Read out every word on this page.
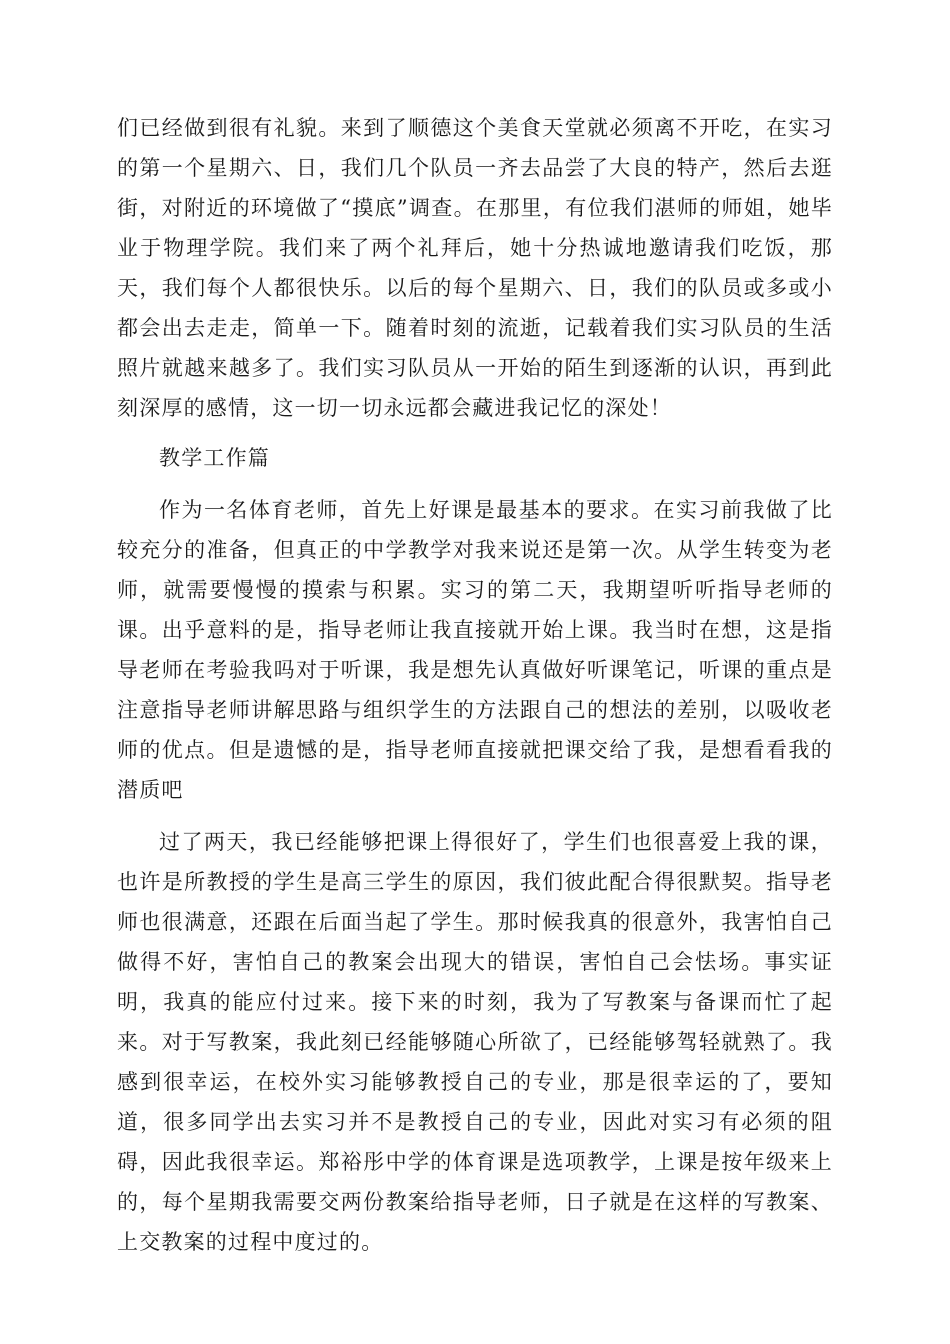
们已经做到很有礼貌。来到了顺德这个美食天堂就必须离不开吃，在实习的第一个星期六、日，我们几个队员一齐去品尝了大良的特产，然后去逛街，对附近的环境做了“摸底”调查。在那里，有位我们湛师的师姐，她毕业于物理学院。我们来了两个礼拜后，她十分热诚地邀请我们吃饭，那天，我们每个人都很快乐。以后的每个星期六、日，我们的队员或多或小都会出去走走，简单一下。随着时刻的流逝，记载着我们实习队员的生活照片就越来越多了。我们实习队员从一开始的陌生到逐渐的认识，再到此刻深厚的感情，这一切一切永远都会藏进我记忆的深处！

教学工作篇

作为一名体育老师，首先上好课是最基本的要求。在实习前我做了比较充分的准备，但真正的中学教学对我来说还是第一次。从学生转变为老师，就需要慢慢的摸索与积累。实习的第二天，我期望听听指导老师的课。出乎意料的是，指导老师让我直接就开始上课。我当时在想，这是指导老师在考验我吗对于听课，我是想先认真做好听课笔记，听课的重点是注意指导老师讲解思路与组织学生的方法跟自己的想法的差别，以吸收老师的优点。但是遗憾的是，指导老师直接就把课交给了我，是想看看我的潜质吧

过了两天，我已经能够把课上得很好了，学生们也很喜爱上我的课，也许是所教授的学生是高三学生的原因，我们彼此配合得很默契。指导老师也很满意，还跟在后面当起了学生。那时候我真的很意外，我害怕自己做得不好，害怕自己的教案会出现大的错误，害怕自己会怯场。事实证明，我真的能应付过来。接下来的时刻，我为了写教案与备课而忙了起来。对于写教案，我此刻已经能够随心所欲了，已经能够驾轻就熟了。我感到很幸运，在校外实习能够教授自己的专业，那是很幸运的了，要知道，很多同学出去实习并不是教授自己的专业，因此对实习有必须的阻碍，因此我很幸运。郑裕彤中学的体育课是选项教学，上课是按年级来上的，每个星期我需要交两份教案给指导老师，日子就是在这样的写教案、上交教案的过程中度过的。
